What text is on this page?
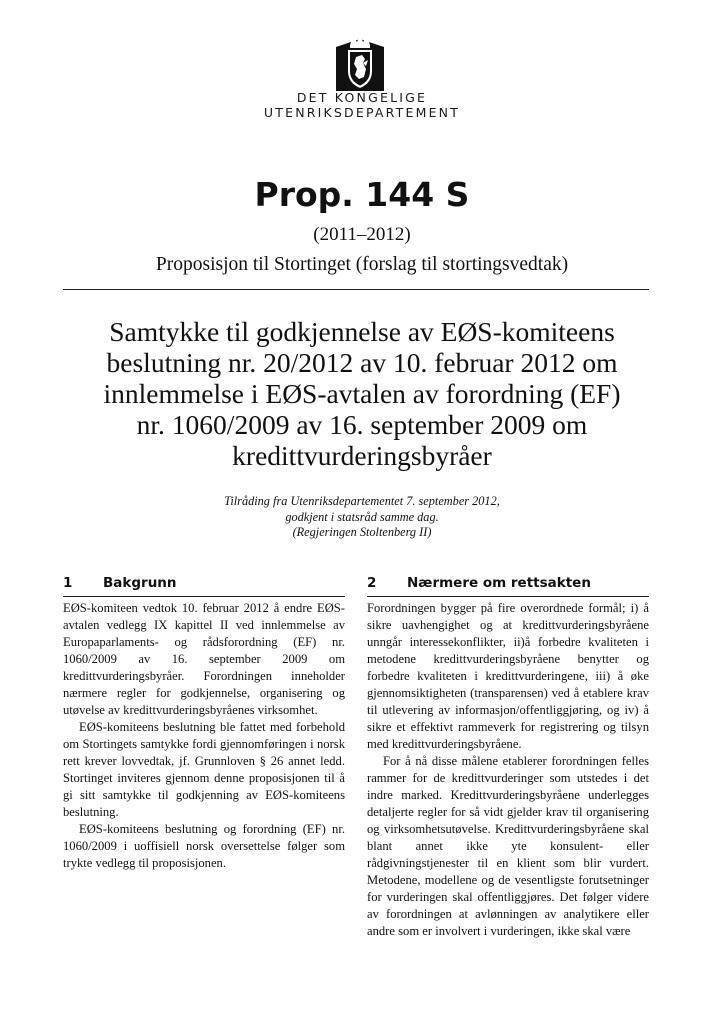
DET KONGELIGE
UTENRIKSDEPARTEMENT
Prop. 144 S
(2011–2012)
Proposisjon til Stortinget (forslag til stortingsvedtak)
Samtykke til godkjennelse av EØS-komiteens
beslutning nr. 20/2012 av 10. februar 2012 om
innlemmelse i EØS-avtalen av forordning (EF)
nr. 1060/2009 av 16. september 2009 om
kredittvurderingsbyråer
Tilråding fra Utenriksdepartementet 7. september 2012,
godkjent i statsråd samme dag.
(Regjeringen Stoltenberg II)
1 Bakgrunn

EØS-komiteen vedtok 10. februar 2012 å endre EØS-avtalen vedlegg IX kapittel II ved innlemmelse av Europaparlaments- og rådsforordning (EF) nr. 1060/2009 av 16. september 2009 om kredittvurderingsbyråer. Forordningen inneholder nærmere regler for godkjennelse, organisering og utøvelse av kredittvurderingsbyråenes virksomhet.

EØS-komiteens beslutning ble fattet med forbehold om Stortingets samtykke fordi gjennomføringen i norsk rett krever lovvedtak, jf. Grunnloven § 26 annet ledd. Stortinget inviteres gjennom denne proposisjonen til å gi sitt samtykke til godkjenning av EØS-komiteens beslutning.

EØS-komiteens beslutning og forordning (EF) nr. 1060/2009 i uoffisiell norsk oversettelse følger som trykte vedlegg til proposisjonen.

2 Nærmere om rettsakten

Forordningen bygger på fire overordnede formål; i) å sikre uavhengighet og at kredittvurderingsbyråene unngår interessekonflikter, ii)å forbedre kvaliteten i metodene kredittvurderingsbyråene benytter og forbedre kvaliteten i kredittvurderingene, iii) å øke gjennomsiktigheten (transparensen) ved å etablere krav til utlevering av informasjon/offentliggjøring, og iv) å sikre et effektivt rammeverk for registrering og tilsyn med kredittvurderingsbyråene.

For å nå disse målene etablerer forordningen felles rammer for de kredittvurderinger som utstedes i det indre marked. Kredittvurderingsbyråene underlegges detaljerte regler for så vidt gjelder krav til organisering og virksomhetsutøvelse. Kredittvurderingsbyråene skal blant annet ikke yte konsulent- eller rådgivningstjenester til en klient som blir vurdert. Metodene, modellene og de vesentligste forutsetninger for vurderingen skal offentliggjøres. Det følger videre av forordningen at avlønningen av analytikere eller andre som er involvert i vurderingen, ikke skal være
